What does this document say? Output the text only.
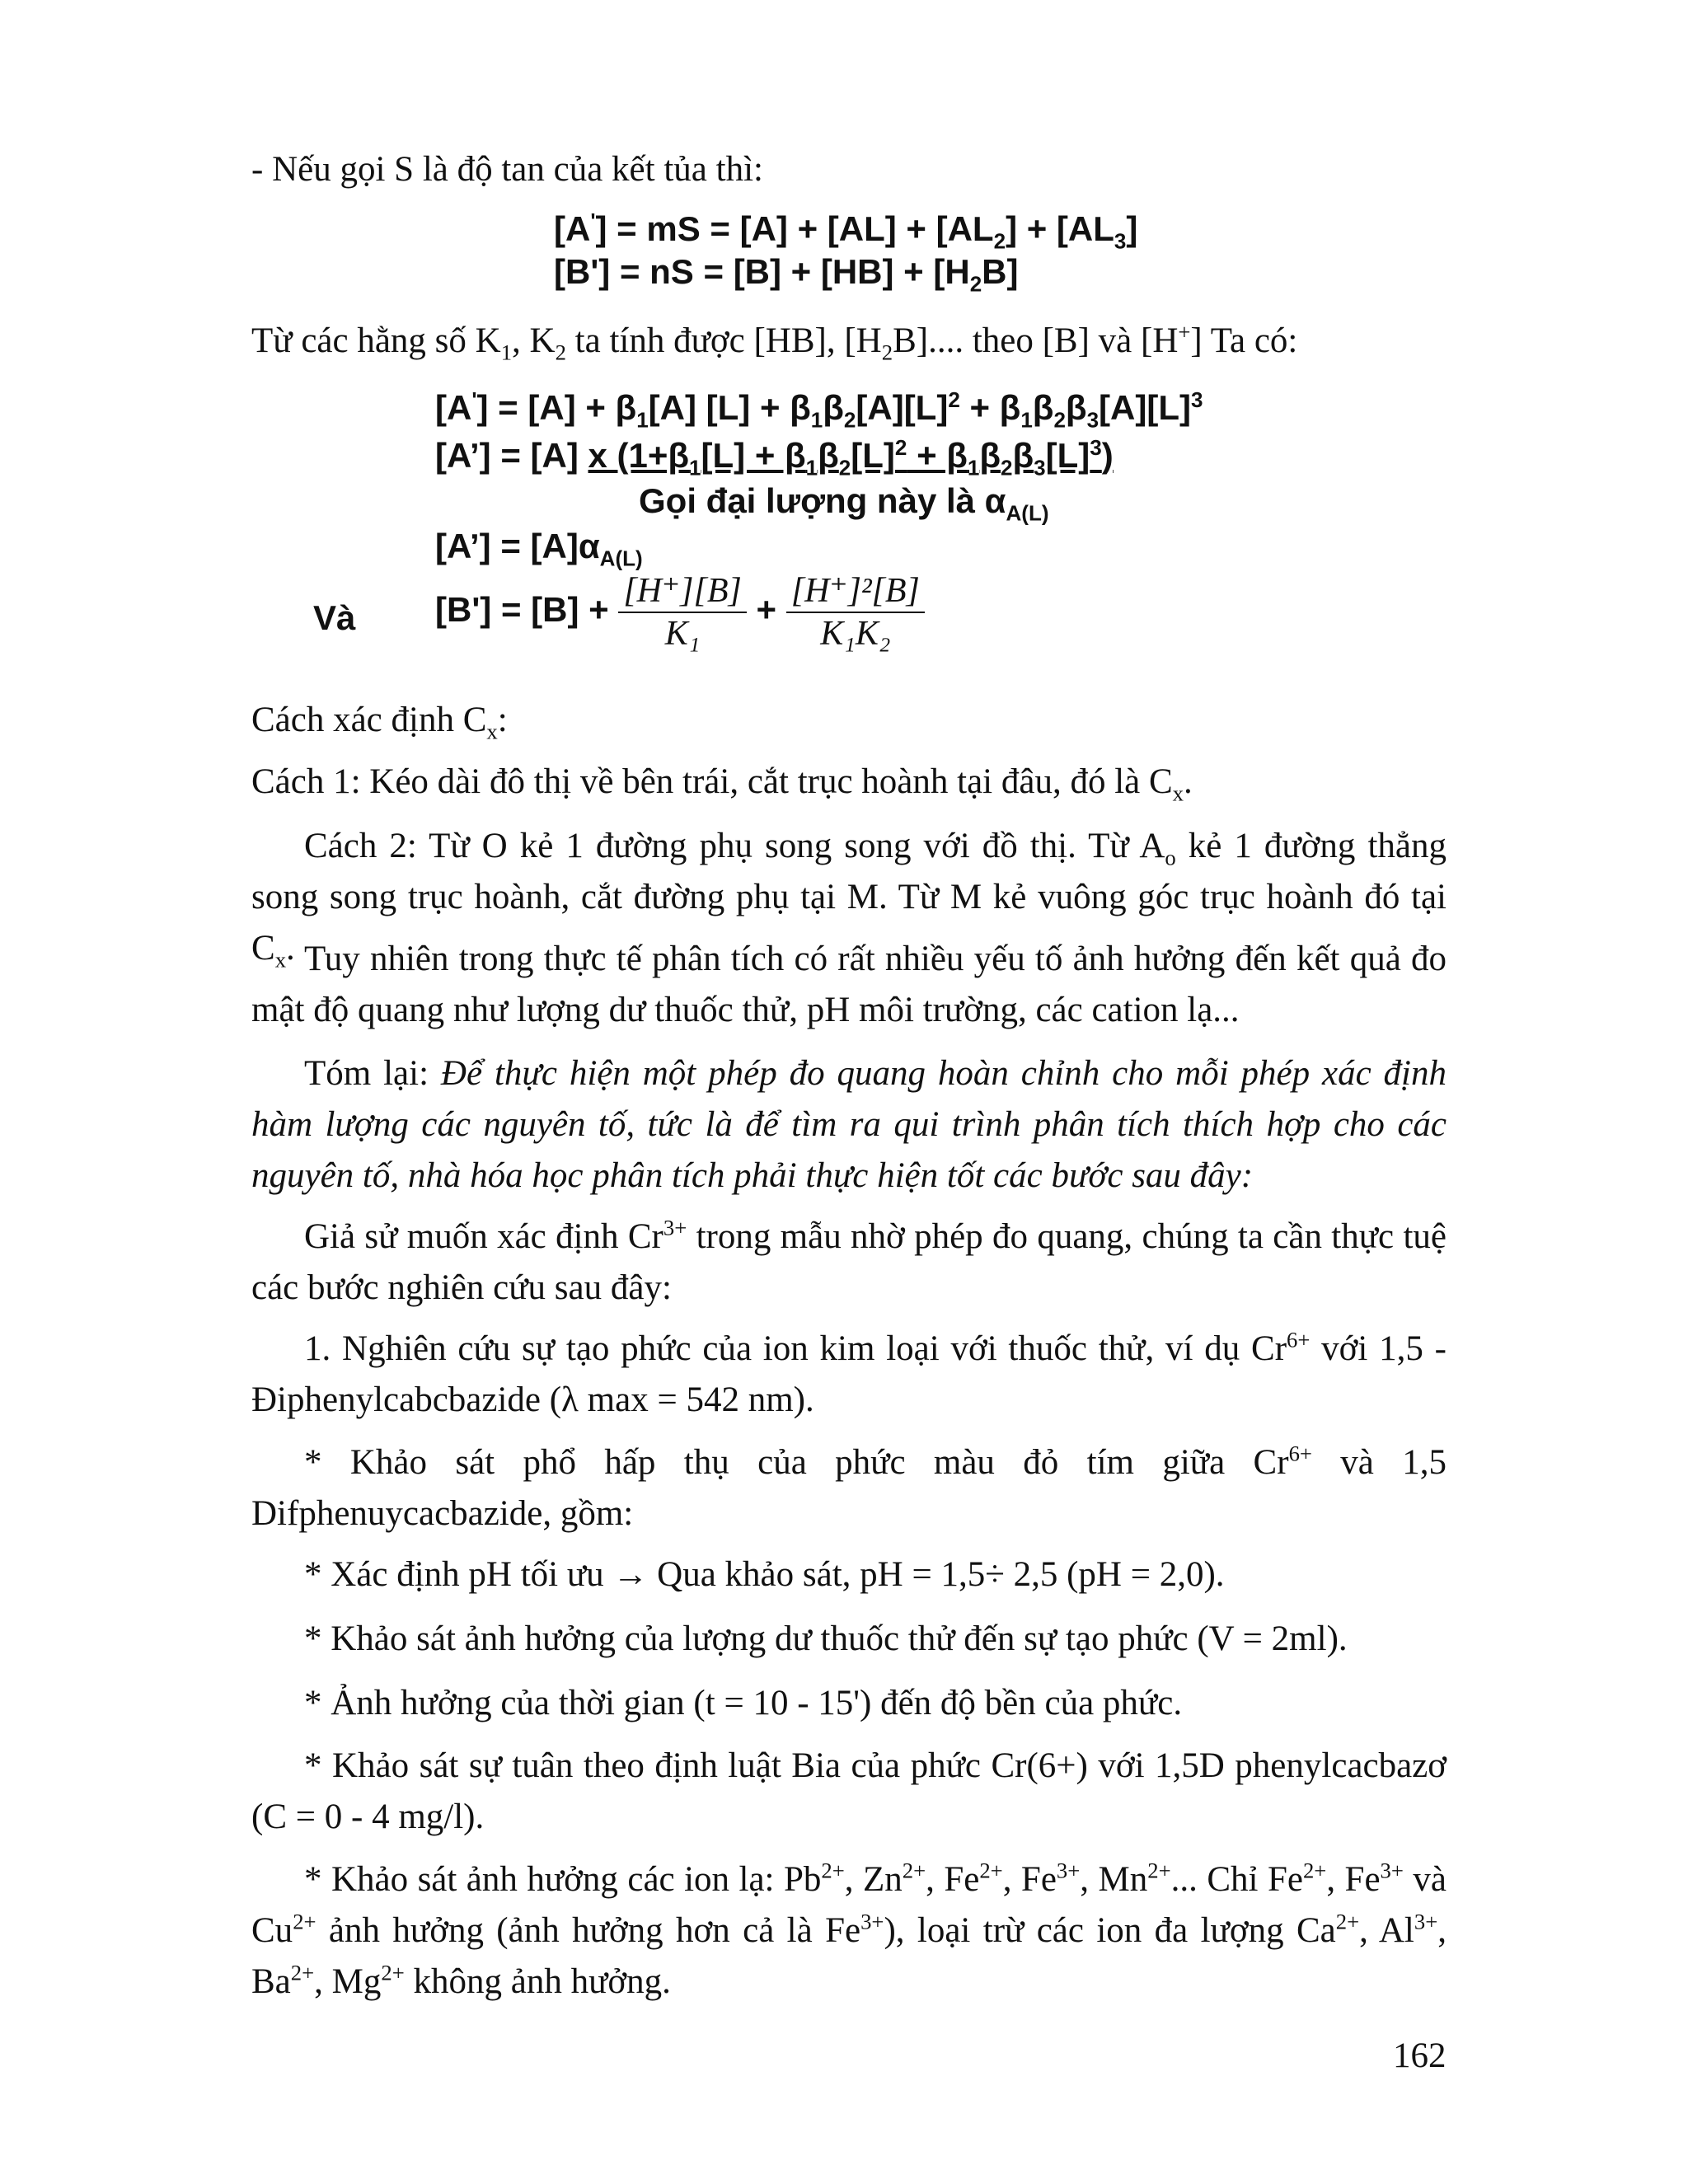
- Nếu gọi S là độ tan của kết tủa thì:

[A'] = mS = $[A] + [AL] + [AL_2] + [AL_3]$
[B'] = nS = $[B] + [HB] + [H_2B]$

Từ các hằng số $K_1$, $K_2$ ta tính được [HB], $[H_2B]$.... theo [B] và [H+] Ta có:

$[A'] = [A] + \beta_1[A] [L] + \beta_1\beta_2[A][L]^2 + \beta_1\beta_2\beta_3[A][L]^3$
[A’] = [A] x $(1+\beta_1[L] + \beta_1\beta_2[L]^2 + \beta_1\beta_2\beta_3[L]^3)$
Gọi đại lượng này là $\alpha_{A(L)}$
[A’] = $[A]\alpha_{A(L)}$
Và $[B'] = [B] + \frac{[H^+][B]}{\text{K₁}} + \frac{\text{[H⁺]²[B]}}{\text{K₁K₂}}$

Cách xác định $C_x$:

Cách 1: Kéo dài đô thị về bên trái, cắt trục hoành tại đâu, đó là $C_x$.

Cách 2: Từ O kẻ 1 đường phụ song song với đồ thị. Từ $A_o$ kẻ 1 đường thẳng song song trục hoành, cắt đường phụ tại M. Từ M kẻ vuông góc trục hoành đó tại $C_x$. Tuy nhiên trong thực tế phân tích có rất nhiều yếu tố ảnh hưởng đến kết quả đo mật độ quang như lượng dư thuốc thử, pH môi trường, các cation lạ...

Tóm lại: Để thực hiện một phép đo quang hoàn chỉnh cho mỗi phép xác định hàm lượng các nguyên tố, tức là để tìm ra qui trình phân tích thích hợp cho các nguyên tố, nhà hóa học phân tích phải thực hiện tốt các bước sau đây:

Giả sử muốn xác định $Cr^{3+}$ trong mẫu nhờ phép đo quang, chúng ta cần thực tuệ các bước nghiên cứu sau đây:

1. Nghiên cứu sự tạo phức của ion kim loại với thuốc thử, ví dụ $Cr^{6+}$ với 1,5 - Điphenylcabcbazide (λ max = 542 nm).

* Khảo sát phổ hấp thụ của phức màu đỏ tím giữa $Cr^{6+}$ và 1,5 Difphenuycacbazide, gồm:

* Xác định pH tối ưu → Qua khảo sát, pH = 1,5÷ 2,5 (pH = 2,0).

* Khảo sát ảnh hưởng của lượng dư thuốc thử đến sự tạo phức (V = 2ml).

* Ảnh hưởng của thời gian (t = 10 - 15') đến độ bền của phức.

* Khảo sát sự tuân theo định luật Bia của phức Cr(6+) với 1,5D phenylcacbazơ (C = 0 - 4 mg/l).

* Khảo sát ảnh hưởng các ion lạ: $Pb^{2+}$, $Zn^{2+}$, $Fe^{2+}$, $Fe^{3+}$, $Mn^{2+}$... Chỉ $Fe^{2+}$, $Fe^{3+}$ và $Cu^{2+}$ ảnh hưởng (ảnh hưởng hơn cả là $Fe^{3+}$), loại trừ các ion đa lượng $Ca^{2+}$, $Al^{3+}$, $Ba^{2+}$, $Mg^{2+}$ không ảnh hưởng.

162
